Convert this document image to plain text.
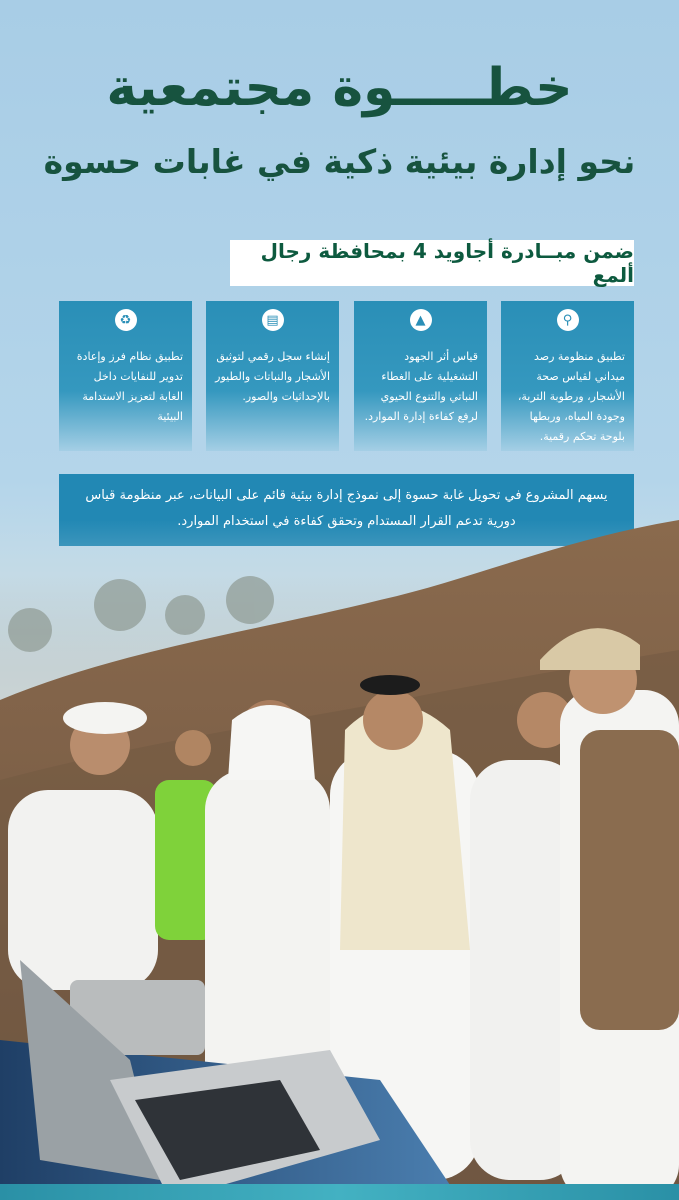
خطـــــوة مجتمعية
نحو إدارة بيئية ذكية في غابات حسوة
ضمن مبــادرة أجاويد 4 بمحافظة رجال ألمع
⚲

تطبيق منظومة رصد ميداني لقياس صحة الأشجار، ورطوبة التربة، وجودة المياه، وربطها بلوحة تحكم رقمية.

▲

قياس أثر الجهود التشغيلية على الغطاء النباتي والتنوع الحيوي لرفع كفاءة إدارة الموارد.

▤

إنشاء سجل رقمي لتوثيق الأشجار والنباتات والطيور بالإحداثيات والصور.

♻

تطبيق نظام فرز وإعادة تدوير للنفايات داخل الغابة لتعزيز الاستدامة البيئية

يسهم المشروع في تحويل غابة حسوة إلى نموذج إدارة بيئية قائم على البيانات، عبر منظومة قياس
